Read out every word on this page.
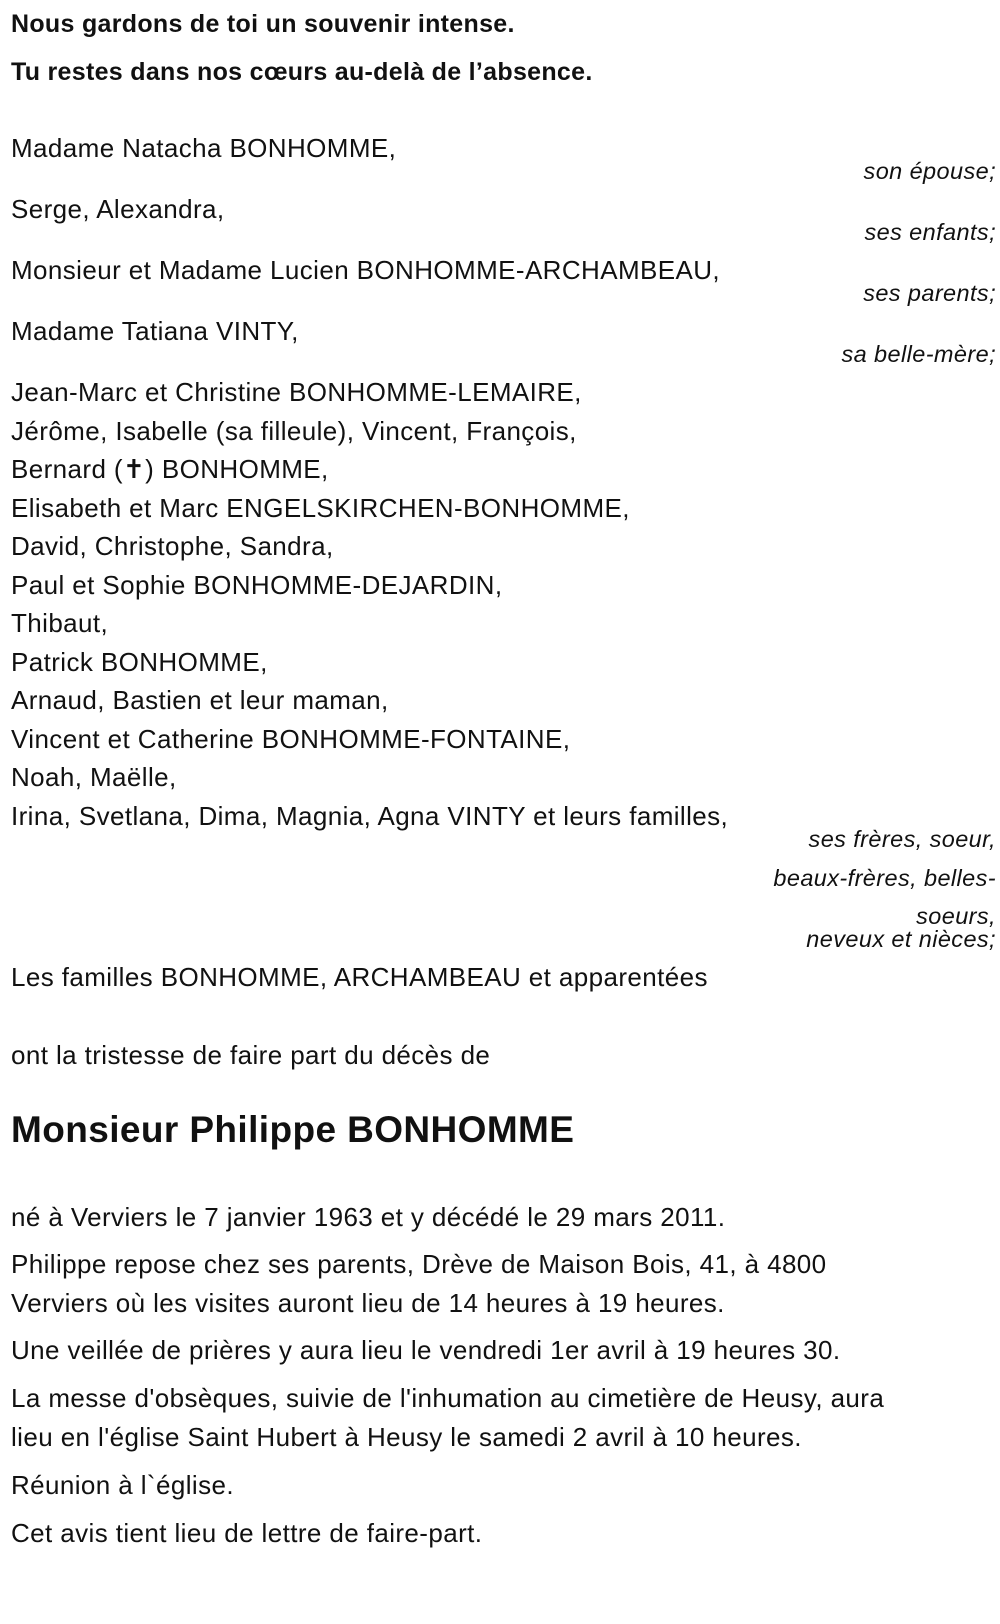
Nous gardons de toi un souvenir intense.
Tu restes dans nos cœurs au-delà de l’absence.
Madame Natacha BONHOMME,
son épouse;
Serge, Alexandra,
ses enfants;
Monsieur et Madame Lucien BONHOMME-ARCHAMBEAU,
ses parents;
Madame Tatiana VINTY,
sa belle-mère;
Jean-Marc et Christine BONHOMME-LEMAIRE,
Jérôme, Isabelle (sa filleule), Vincent, François,
Bernard (✝) BONHOMME,
Elisabeth et Marc ENGELSKIRCHEN-BONHOMME,
David, Christophe, Sandra,
Paul et Sophie BONHOMME-DEJARDIN,
Thibaut,
Patrick BONHOMME,
Arnaud, Bastien et leur maman,
Vincent et Catherine BONHOMME-FONTAINE,
Noah, Maëlle,
Irina, Svetlana, Dima, Magnia, Agna VINTY et leurs familles,
ses frères, soeur,
beaux-frères, belles-
soeurs,
neveux et nièces;
Les familles BONHOMME, ARCHAMBEAU et apparentées
ont la tristesse de faire part du décès de
Monsieur Philippe BONHOMME
né à Verviers le 7 janvier 1963 et y décédé le 29 mars 2011.
Philippe repose chez ses parents, Drève de Maison Bois, 41, à 4800
Verviers où les visites auront lieu de 14 heures à 19 heures.
Une veillée de prières y aura lieu le vendredi 1er avril à 19 heures 30.
La messe d'obsèques, suivie de l'inhumation au cimetière de Heusy, aura
lieu en l'église Saint Hubert à Heusy le samedi 2 avril à 10 heures.
Réunion à l`église.
Cet avis tient lieu de lettre de faire-part.
